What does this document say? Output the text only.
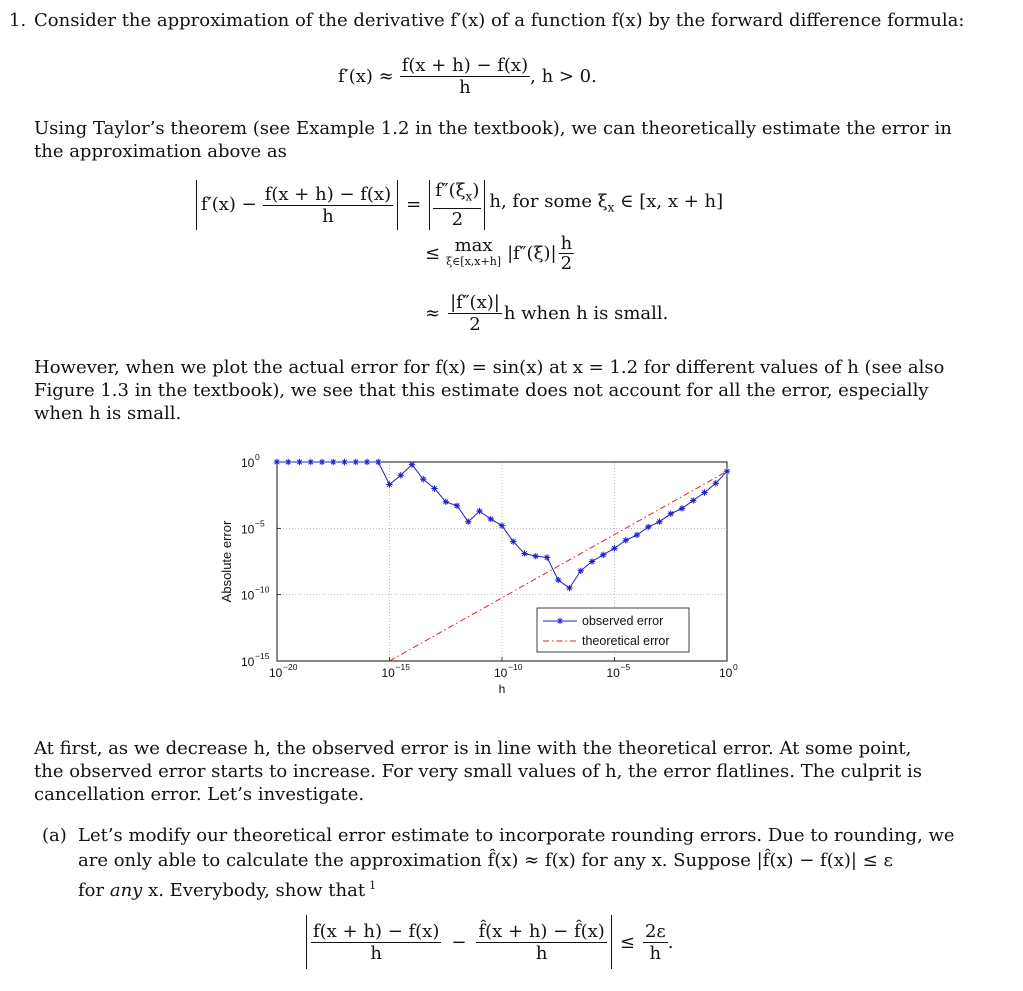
1. Consider the approximation of the derivative f′(x) of a function f(x) by the forward difference formula:
$f'(x) \approx \frac{f(x + h) - f(x)}{h}$ , h > 0.
Using Taylor’s theorem (see Example 1.2 in the textbook), we can theoretically estimate the error in
the approximation above as
$f'(x) - \frac{f(x + h) - f(x)}{h} = \frac{f''(\xi_x)}{2} h$, for some $\xi_x$ ∈ [x, x + h]
≤ max
ξ∈[x,x+h] $|f''(\xi)| \frac{h}{2}$
≈ $\frac{|f''(x)|}{2}$ h when h is small.
However, when we plot the actual error for f(x) = sin(x) at x = 1.2 for different values of h (see also
Figure 1.3 in the textbook), we see that this estimate does not account for all the error, especially
when h is small.
10 −20	10 −15	10 −10	10 −5	10 0
10 0
10 −5
10 −10
10 −15
h
Absolute error
observed error
theoretical error
At first, as we decrease h, the observed error is in line with the theoretical error. At some point,
the observed error starts to increase. For very small values of h, the error flatlines. The culprit is
cancellation error. Let’s investigate.
(a) Let’s modify our theoretical error estimate to incorporate rounding errors. Due to rounding, we
are only able to calculate the approximation f̂(x) ≈ f(x) for any x. Suppose |f̂(x) − f(x)| ≤ ε
for any x. Everybody, show that $^1$
$\frac{f(x + h) - f(x)}{h} - \frac{f̂(x + h) - f̂(x)}{h} \le \frac{2\varepsilon}{h}$ .
